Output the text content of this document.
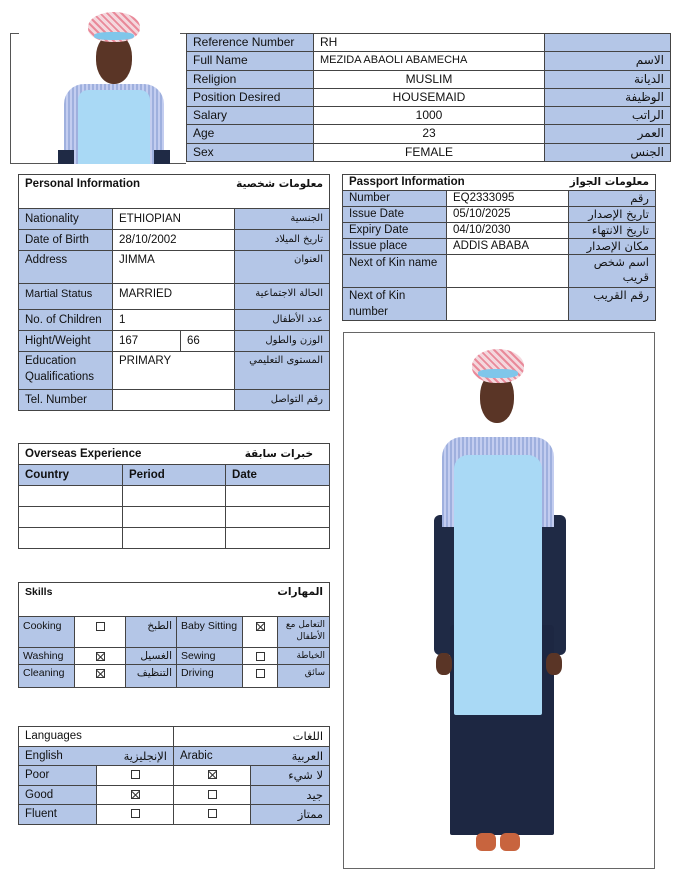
Reference Number	RH	
Full Name	MEZIDA ABAOLI ABAMECHA	الاسم
Religion	MUSLIM	الديانة
Position Desired	HOUSEMAID	الوظيفة
Salary	1000	الراتب
Age	23	العمر
Sex	FEMALE	الجنس
Personal Information		معلومات شخصية	
Nationality	ETHIOPIAN		الجنسية
Date of Birth	28/10/2002		تاريخ الميلاد
Address	JIMMA		العنوان
Martial Status	MARRIED		الحالة الاجتماعية
No. of Children	1		عدد الأطفال
Hight/Weight	167	66	الوزن والطول
Education Qualifications	PRIMARY		المستوى التعليمي
Tel. Number			رقم التواصل
Passport Information		معلومات الجواز
Number	EQ2333095	رقم
Issue Date	05/10/2025	تاريخ الإصدار
Expiry Date	04/10/2030	تاريخ الانتهاء
Issue place	ADDIS ABABA	مكان الإصدار
Next of Kin name		اسم شخص قريب
Next of Kin number		رقم القريب
Overseas Experience		خبرات سابقة
Country	Period	Date

Skills			المهارات		
Cooking		الطبخ	Baby Sitting		التعامل مع الأطفال
Washing		الغسيل	Sewing		الخياطة
Cleaning		التنظيف	Driving		سائق
Languages		اللغات	
English	الإنجليزية	Arabic	العربية
Poor			لا شيء
Good			جيد
Fluent			ممتاز
